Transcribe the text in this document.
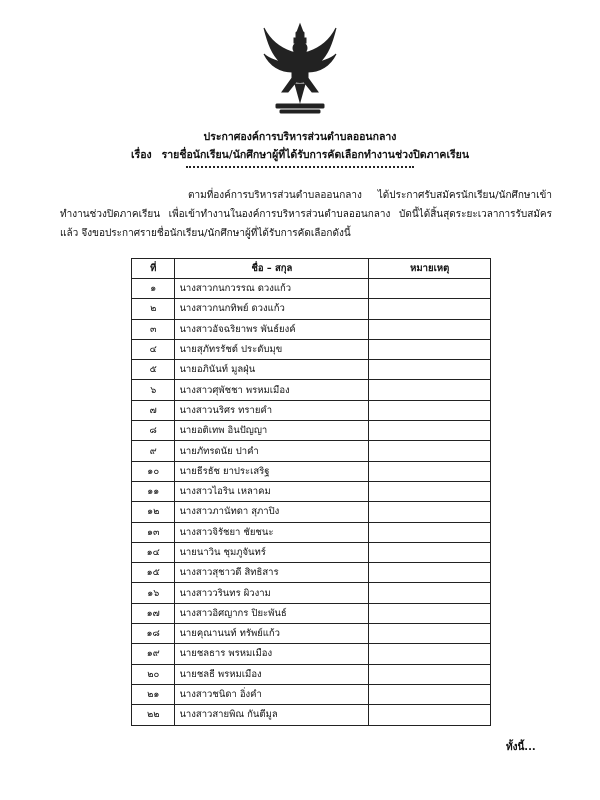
ประกาศองค์การบริหารส่วนตำบลออนกลาง
เรื่อง รายชื่อนักเรียน/นักศึกษาผู้ที่ได้รับการคัดเลือกทำงานช่วงปิดภาคเรียน

ตามที่องค์การบริหารส่วนตำบลออนกลาง ได้ประกาศรับสมัครนักเรียน/นักศึกษาเข้าทำงานช่วงปิดภาคเรียน เพื่อเข้าทำงานในองค์การบริหารส่วนตำบลออนกลาง บัดนี้ได้สิ้นสุดระยะเวลาการรับสมัคร แล้ว จึงขอประกาศรายชื่อนักเรียน/นักศึกษาผู้ที่ได้รับการคัดเลือกดังนี้

ที่	ชื่อ – สกุล	หมายเหตุ
๑	นางสาวกนกวรรณ ดวงแก้ว	
๒	นางสาวกนกทิพย์ ดวงแก้ว	
๓	นางสาวอัจฉริยาพร พันธ์ยงค์	
๔	นายสุภัทรรัชต์ ประดับมุข	
๕	นายอภินันท์ มูลฝุ่น	
๖	นางสาวศุพัชชา พรหมเมือง	
๗	นางสาวนริศร ทรายคำ	
๘	นายอติเทพ อินปัญญา	
๙	นายภัทรดนัย ปาคำ	
๑๐	นายธีรธัช ยาประเสริฐ	
๑๑	นางสาวไอริน เหลาคม	
๑๒	นางสาวภานัทดา สุภาปิง	
๑๓	นางสาวจิรัชยา ชัยชนะ	
๑๔	นายนาวิน ชุมภูจันทร์	
๑๕	นางสาวสุชาวดี สิทธิสาร	
๑๖	นางสาววรินทร ผิวงาม	
๑๗	นางสาวอิศญากร ปิยะพันธ์	
๑๘	นายคุณานนท์ ทรัพย์แก้ว	
๑๙	นายชลธาร พรหมเมือง	
๒๐	นายชลธี พรหมเมือง	
๒๑	นางสาวชนิดา อิ่งคำ	
๒๒	นางสาวสายพิณ กันตีมูล	
ทั้งนี้...
